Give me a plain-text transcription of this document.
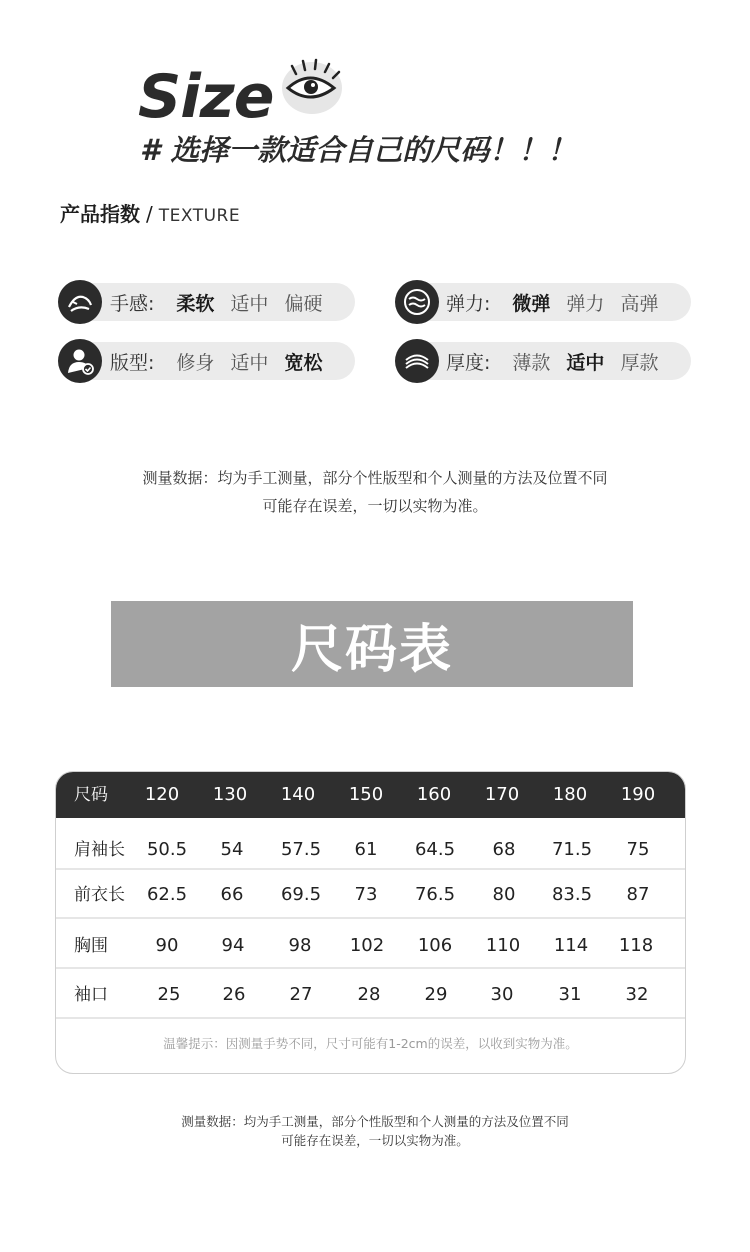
Size
# 选择一款适合自己的尺码！！！
产品指数 / TEXTURE
手感: 柔软 适中 偏硬	弹力: 微弹 弹力 高弹
版型: 修身 适中 宽松	厚度: 薄款 适中 厚款
测量数据：均为手工测量，部分个性版型和个人测量的方法及位置不同
可能存在误差，一切以实物为准。
尺码表
尺码 120 130 140 150 160 170 180 190
肩袖长 50.5 54 57.5 61 64.5 68 71.5 75
前衣长 62.5 66 69.5 73 76.5 80 83.5 87
胸围	90 94 98 102 106 110 114 118
袖口	25 26 27	28 29 30	31 32
温馨提示：因测量手势不同，尺寸可能有1-2cm的误差，以收到实物为准。
测量数据：均为手工测量，部分个性版型和个人测量的方法及位置不同
可能存在误差，一切以实物为准。
